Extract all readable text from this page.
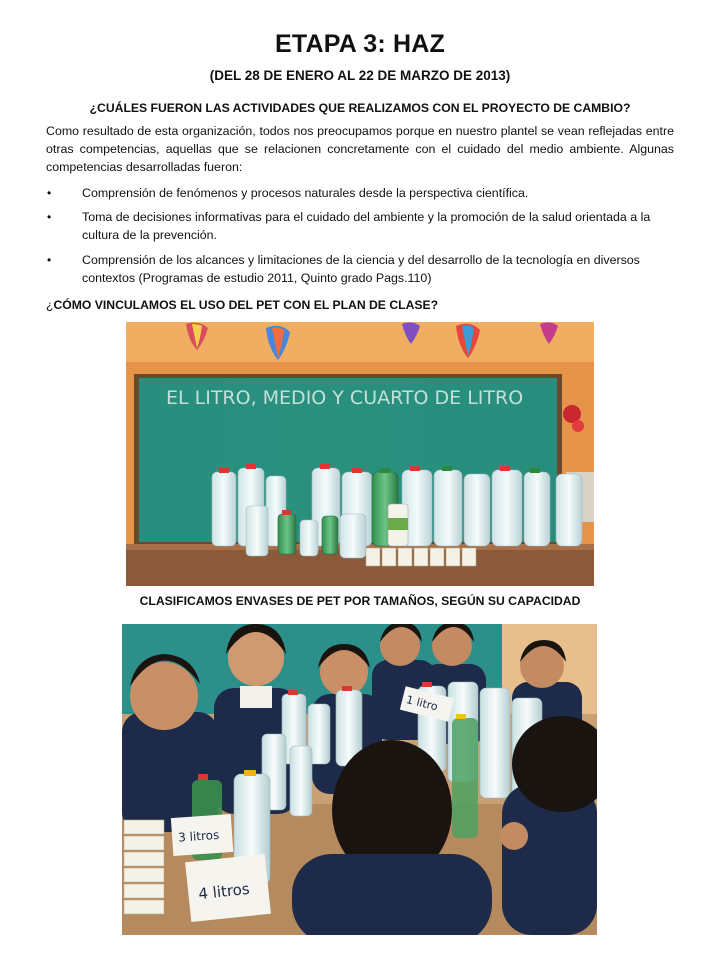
ETAPA 3: HAZ
(DEL 28 DE ENERO AL 22 DE MARZO DE 2013)
¿CUÁLES FUERON LAS ACTIVIDADES QUE REALIZAMOS CON EL PROYECTO DE CAMBIO?

Como resultado de esta organización, todos nos preocupamos porque en nuestro plantel se vean reflejadas entre otras competencias, aquellas que se relacionen concretamente con el cuidado del medio ambiente. Algunas competencias desarrolladas fueron:

• Comprensión de fenómenos y procesos naturales desde la perspectiva científica.
• Toma de decisiones informativas para el cuidado del ambiente y la promoción de la salud orientada a la cultura de la prevención.
• Comprensión de los alcances y limitaciones de la ciencia y del desarrollo de la tecnología en diversos contextos (Programas de estudio 2011, Quinto grado Pags.110)
¿CÓMO VINCULAMOS EL USO DEL PET CON EL PLAN DE CLASE?
EL LITRO, MEDIO Y CUARTO DE LITRO
CLASIFICAMOS ENVASES DE PET POR TAMAÑOS, SEGÚN SU CAPACIDAD
4 litros
3 litros
1 litro
